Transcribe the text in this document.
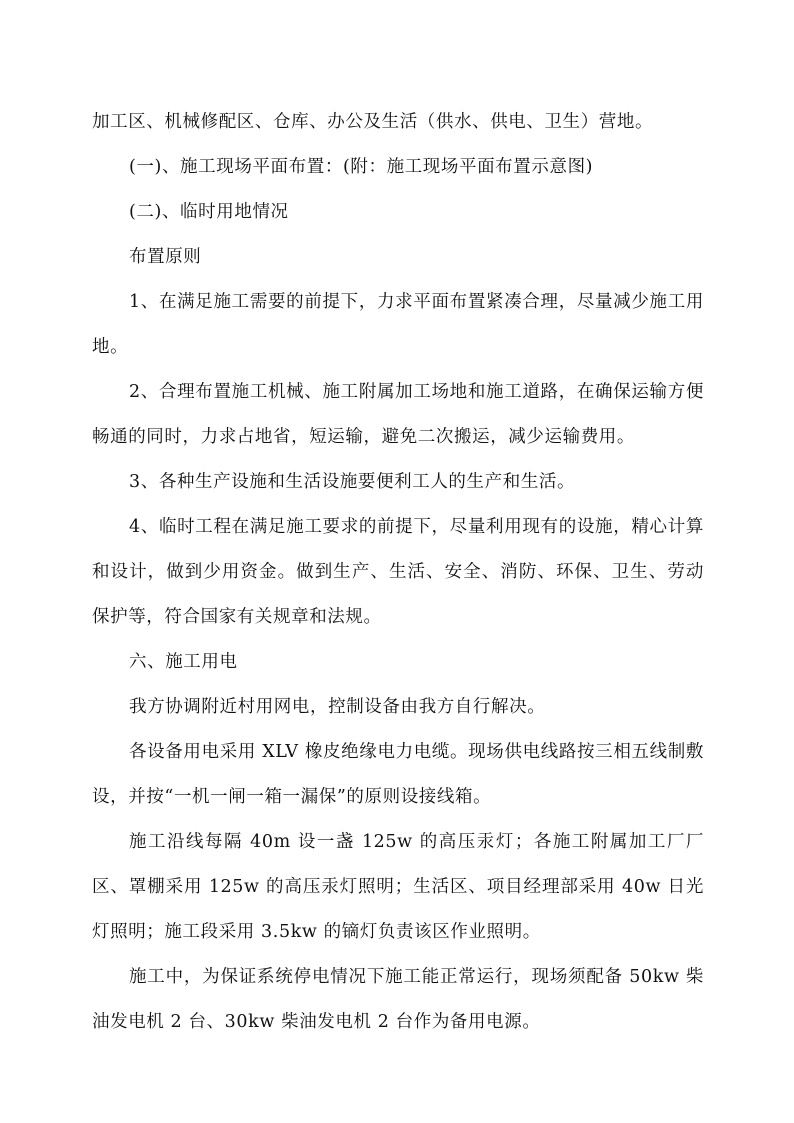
加工区、机械修配区、仓库、办公及生活（供水、供电、卫生）营地。

(一)、施工现场平面布置：(附：施工现场平面布置示意图)

(二)、临时用地情况

布置原则

1、在满足施工需要的前提下，力求平面布置紧凑合理，尽量减少施工用地。

2、合理布置施工机械、施工附属加工场地和施工道路，在确保运输方便畅通的同时，力求占地省，短运输，避免二次搬运，减少运输费用。

3、各种生产设施和生活设施要便利工人的生产和生活。

4、临时工程在满足施工要求的前提下，尽量利用现有的设施，精心计算和设计，做到少用资金。做到生产、生活、安全、消防、环保、卫生、劳动保护等，符合国家有关规章和法规。

六、施工用电

我方协调附近村用网电，控制设备由我方自行解决。

各设备用电采用 XLV 橡皮绝缘电力电缆。现场供电线路按三相五线制敷设，并按“一机一闸一箱一漏保”的原则设接线箱。

施工沿线每隔 40m 设一盏 125w 的高压汞灯；各施工附属加工厂厂区、罩棚采用 125w 的高压汞灯照明；生活区、项目经理部采用 40w 日光灯照明；施工段采用 3.5kw 的镝灯负责该区作业照明。

施工中，为保证系统停电情况下施工能正常运行，现场须配备 50kw 柴油发电机 2 台、30kw 柴油发电机 2 台作为备用电源。
